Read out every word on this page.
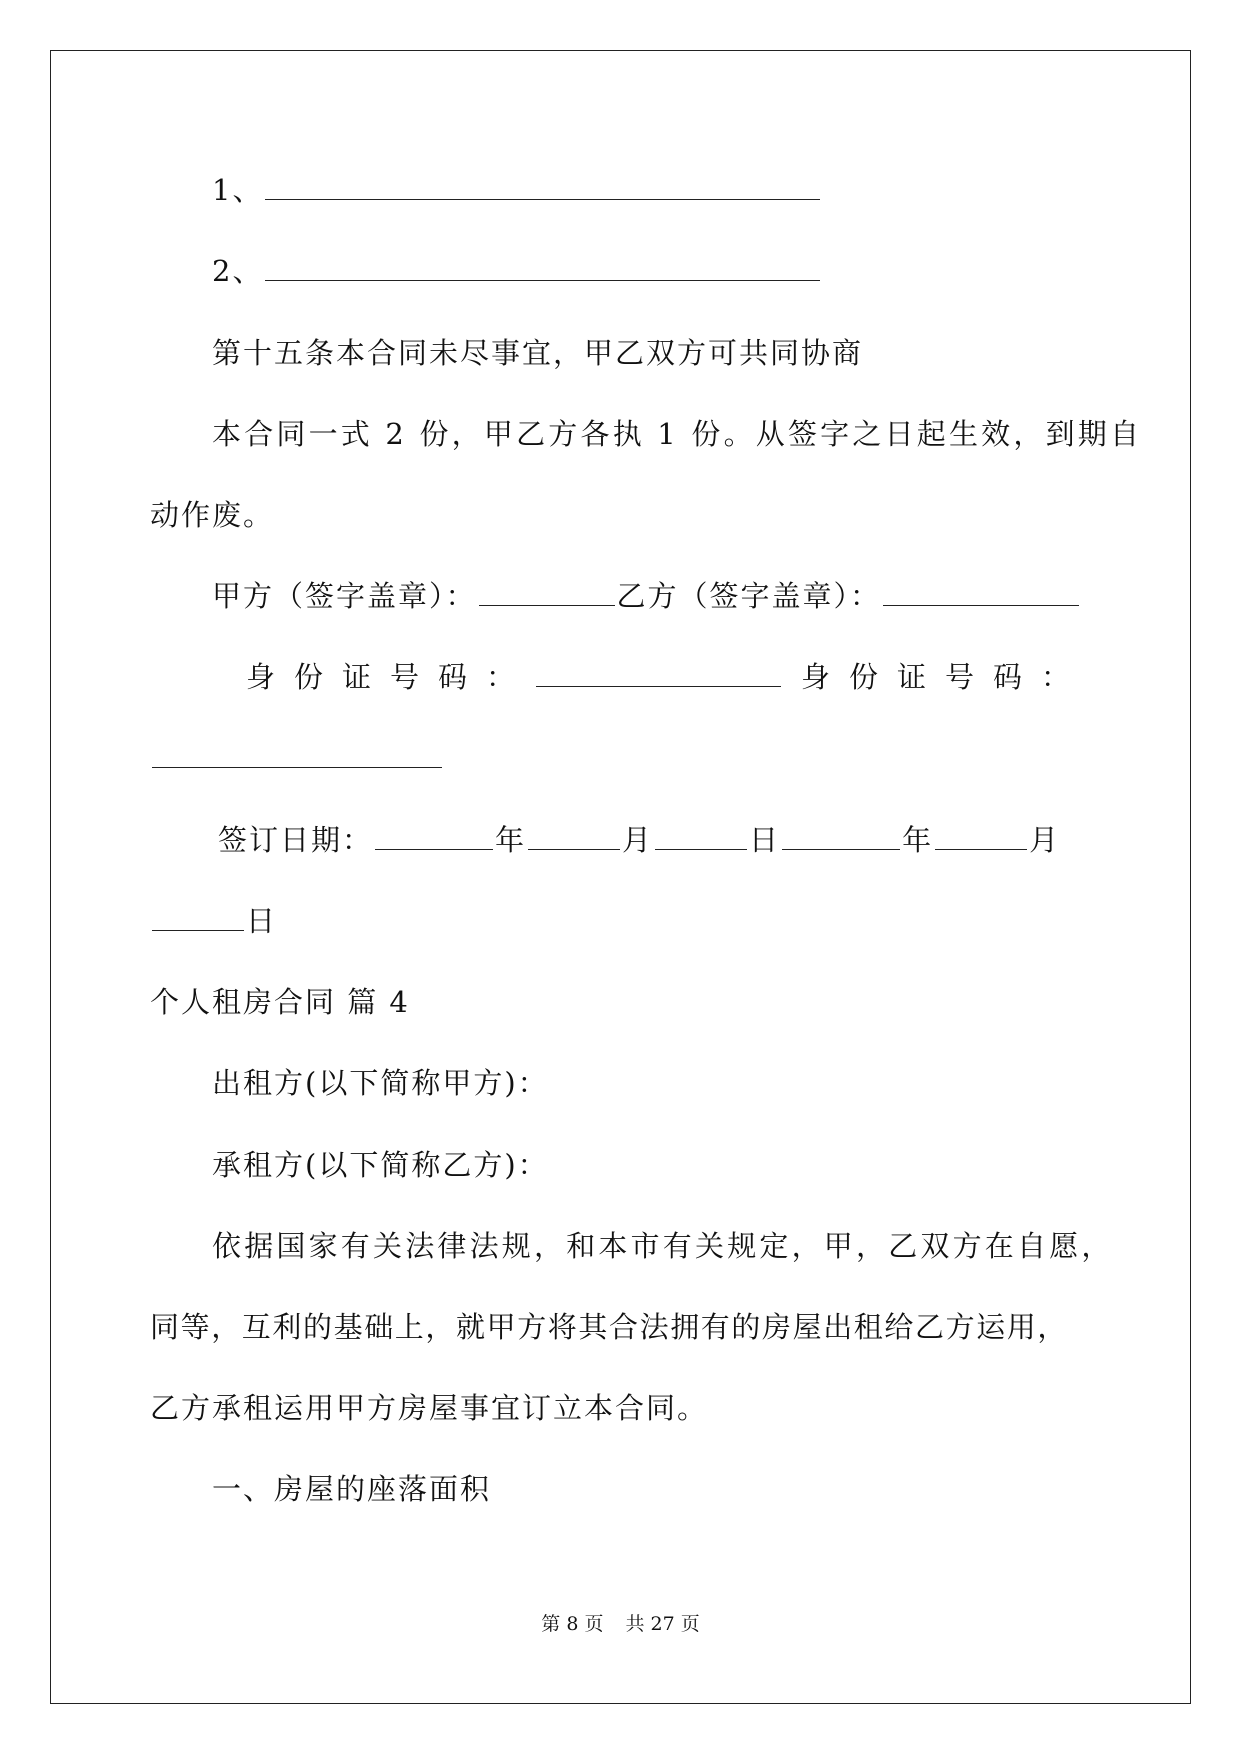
1、
2、
第十五条本合同未尽事宜，甲乙双方可共同协商
本合同一式 2 份，甲乙方各执 1 份。从签字之日起生效，到期自
动作废。
甲方（签字盖章）：	乙方（签字盖章）：
身份证号码：	身份证号码：
签订日期：	年	月	日	年	月
日
个人租房合同 篇 4
出租方(以下简称甲方)：
承租方(以下简称乙方)：
依据国家有关法律法规，和本市有关规定，甲，乙双方在自愿，
同等，互利的基础上，就甲方将其合法拥有的房屋出租给乙方运用，
乙方承租运用甲方房屋事宜订立本合同。
一、房屋的座落面积
第 8 页 共 27 页
